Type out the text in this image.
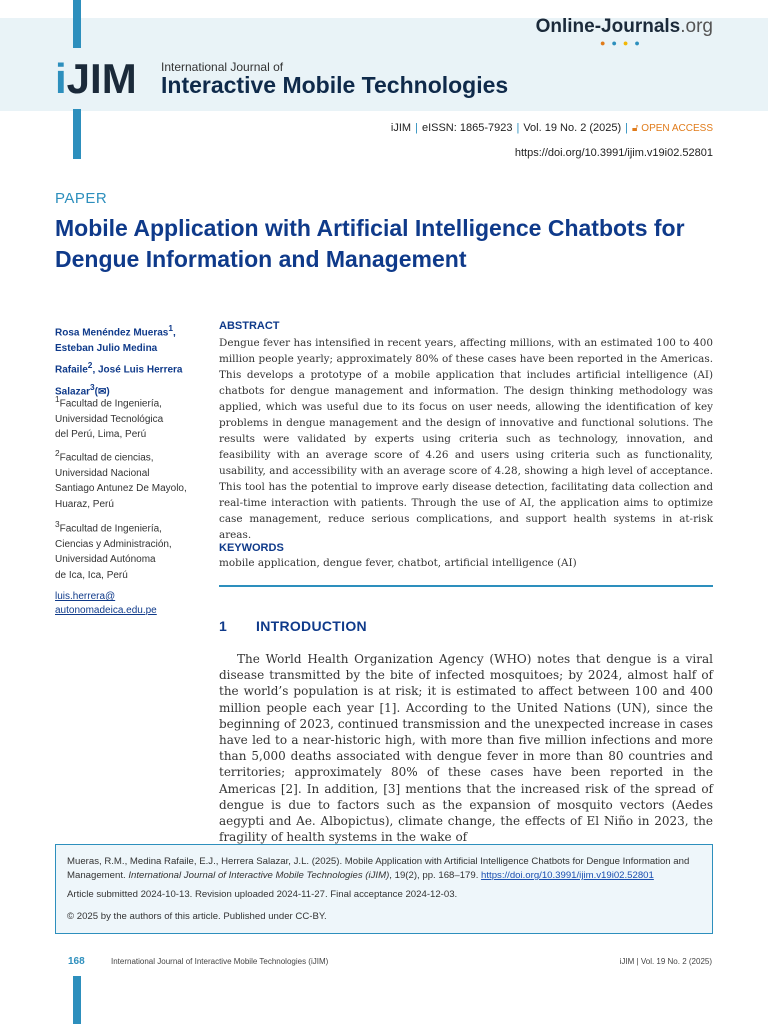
Online-Journals.org
●●●●
iJIM International Journal of
Interactive Mobile Technologies
iJIM | eISSN: 1865-7923 | Vol. 19 No. 2 (2025) | 🔓︎ OPEN ACCESS
https://doi.org/10.3991/ijim.v19i02.52801
PAPER
Mobile Application with Artificial Intelligence Chatbots for Dengue Information and Management
Rosa Menéndez Mueras$^1$,
Esteban Julio Medina
Rafaile$^2$, José Luis Herrera
Salazar$^3$(✉)
$^1$Facultad de Ingeniería,
Universidad Tecnológica
del Perú, Lima, Perú
$^2$Facultad de ciencias,
Universidad Nacional
Santiago Antunez De Mayolo,
Huaraz, Perú
$^3$Facultad de Ingeniería,
Ciencias y Administración,
Universidad Autónoma
de Ica, Ica, Perú
luis.herrera@
autonomadeica.edu.pe
ABSTRACT
Dengue fever has intensified in recent years, affecting millions, with an estimated 100 to 400 million people yearly; approximately 80% of these cases have been reported in the Americas. This develops a prototype of a mobile application that includes artificial intelligence (AI) chatbots for dengue management and information. The design thinking methodology was applied, which was useful due to its focus on user needs, allowing the identification of key problems in dengue management and the design of innovative and functional solutions. The results were validated by experts using criteria such as technology, innovation, and feasibility with an average score of 4.26 and users using criteria such as functionality, usability, and accessibility with an average score of 4.28, showing a high level of acceptance. This tool has the potential to improve early disease detection, facilitating data collection and real-time interaction with patients. Through the use of AI, the application aims to optimize case management, reduce serious complications, and support health systems in at-risk areas.
KEYWORDS
mobile application, dengue fever, chatbot, artificial intelligence (AI)
1 INTRODUCTION
The World Health Organization Agency (WHO) notes that dengue is a viral disease transmitted by the bite of infected mosquitoes; by 2024, almost half of the world’s population is at risk; it is estimated to affect between 100 and 400 million people each year [1]. According to the United Nations (UN), since the beginning of 2023, continued transmission and the unexpected increase in cases have led to a near-historic high, with more than five million infections and more than 5,000 deaths associated with dengue fever in more than 80 countries and territories; approximately 80% of these cases have been reported in the Americas [2]. In addition, [3] mentions that the increased risk of the spread of dengue is due to factors such as the expansion of mosquito vectors (Aedes aegypti and Ae. Albopictus), climate change, the effects of El Niño in 2023, the fragility of health systems in the wake of
Mueras, R.M., Medina Rafaile, E.J., Herrera Salazar, J.L. (2025). Mobile Application with Artificial Intelligence Chatbots for Dengue Information and Management. International Journal of Interactive Mobile Technologies (iJIM), 19(2), pp. 168–179. https://doi.org/10.3991/ijim.v19i02.52801
Article submitted 2024-10-13. Revision uploaded 2024-11-27. Final acceptance 2024-12-03.
© 2025 by the authors of this article. Published under CC-BY.
168	International Journal of Interactive Mobile Technologies (iJIM)	iJIM | Vol. 19 No. 2 (2025)
